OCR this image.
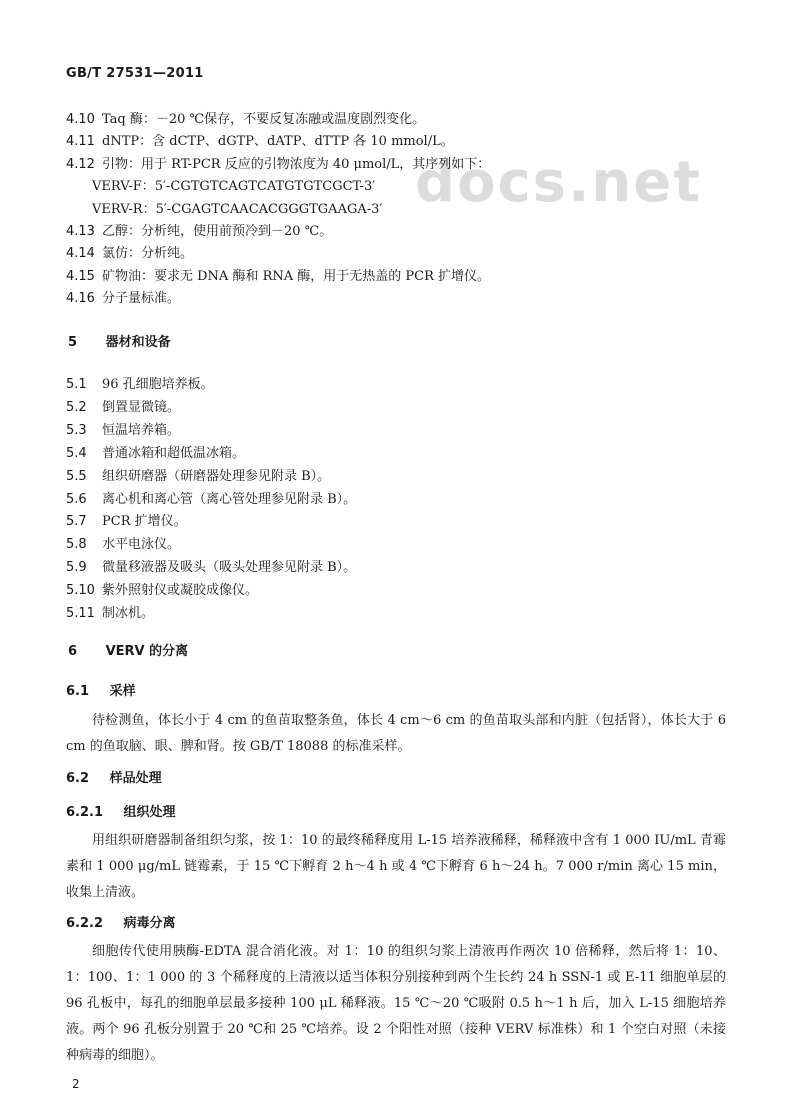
docs.net
GB/T 27531—2011
4.10 Taq 酶：－20 ℃保存，不要反复冻融或温度剧烈变化。
4.11 dNTP：含 dCTP、dGTP、dATP、dTTP 各 10 mmol/L。
4.12 引物：用于 RT-PCR 反应的引物浓度为 40 μmol/L，其序列如下：
VERV-F：5′-CGTGTCAGTCATGTGTCGCT-3′
VERV-R：5′-CGAGTCAACACGGGTGAAGA-3′
4.13 乙醇：分析纯，使用前预冷到－20 ℃。
4.14 氯仿：分析纯。
4.15 矿物油：要求无 DNA 酶和 RNA 酶，用于无热盖的 PCR 扩增仪。
4.16 分子量标准。
5 器材和设备
5.1 96 孔细胞培养板。
5.2 倒置显微镜。
5.3 恒温培养箱。
5.4 普通冰箱和超低温冰箱。
5.5 组织研磨器（研磨器处理参见附录 B）。
5.6 离心机和离心管（离心管处理参见附录 B）。
5.7 PCR 扩增仪。
5.8 水平电泳仪。
5.9 微量移液器及吸头（吸头处理参见附录 B）。
5.10 紫外照射仪或凝胶成像仪。
5.11 制冰机。
6 VERV 的分离
6.1 采样
待检测鱼，体长小于 4 cm 的鱼苗取整条鱼，体长 4 cm～6 cm 的鱼苗取头部和内脏（包括肾），体长大于 6 cm 的鱼取脑、眼、脾和肾。按 GB/T 18088 的标准采样。
6.2 样品处理
6.2.1 组织处理
用组织研磨器制备组织匀浆，按 1：10 的最终稀释度用 L-15 培养液稀释，稀释液中含有 1 000 IU/mL 青霉素和 1 000 μg/mL 链霉素，于 15 ℃下孵育 2 h～4 h 或 4 ℃下孵育 6 h～24 h。7 000 r/min 离心 15 min，收集上清液。
6.2.2 病毒分离
细胞传代使用胰酶-EDTA 混合消化液。对 1：10 的组织匀浆上清液再作两次 10 倍稀释，然后将 1：10、1：100、1：1 000 的 3 个稀释度的上清液以适当体积分别接种到两个生长约 24 h SSN-1 或 E-11 细胞单层的 96 孔板中，每孔的细胞单层最多接种 100 μL 稀释液。15 ℃～20 ℃吸附 0.5 h～1 h 后，加入 L-15 细胞培养液。两个 96 孔板分别置于 20 ℃和 25 ℃培养。设 2 个阳性对照（接种 VERV 标准株）和 1 个空白对照（未接种病毒的细胞）。
2
